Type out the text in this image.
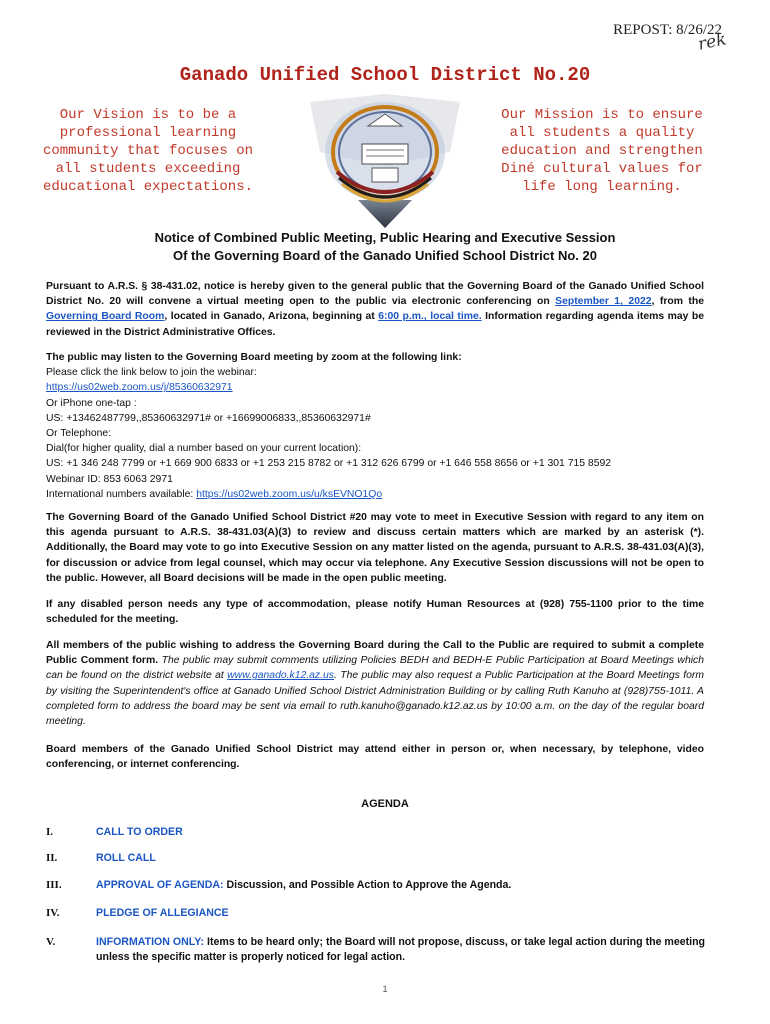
REPOST: 8/26/22
rek
Ganado Unified School District No.20
Our Vision is to be a professional learning community that focuses on all students exceeding educational expectations.
Our Mission is to ensure all students a quality education and strengthen Diné cultural values for life long learning.
Notice of Combined Public Meeting, Public Hearing and Executive Session
Of the Governing Board of the Ganado Unified School District No. 20
Pursuant to A.R.S. § 38-431.02, notice is hereby given to the general public that the Governing Board of the Ganado Unified School District No. 20 will convene a virtual meeting open to the public via electronic conferencing on September 1, 2022, from the Governing Board Room, located in Ganado, Arizona, beginning at 6:00 p.m., local time. Information regarding agenda items may be reviewed in the District Administrative Offices.
The public may listen to the Governing Board meeting by zoom at the following link:
Please click the link below to join the webinar:
https://us02web.zoom.us/j/85360632971
Or iPhone one-tap :
US: +13462487799,,85360632971# or +16699006833,,85360632971#
Or Telephone:
Dial(for higher quality, dial a number based on your current location):
US: +1 346 248 7799 or +1 669 900 6833 or +1 253 215 8782 or +1 312 626 6799 or +1 646 558 8656 or +1 301 715 8592
Webinar ID: 853 6063 2971
International numbers available: https://us02web.zoom.us/u/ksEVNO1Qo
The Governing Board of the Ganado Unified School District #20 may vote to meet in Executive Session with regard to any item on this agenda pursuant to A.R.S. 38-431.03(A)(3) to review and discuss certain matters which are marked by an asterisk (*). Additionally, the Board may vote to go into Executive Session on any matter listed on the agenda, pursuant to A.R.S. 38-431.03(A)(3), for discussion or advice from legal counsel, which may occur via telephone. Any Executive Session discussions will not be open to the public. However, all Board decisions will be made in the open public meeting.
If any disabled person needs any type of accommodation, please notify Human Resources at (928) 755-1100 prior to the time scheduled for the meeting.
All members of the public wishing to address the Governing Board during the Call to the Public are required to submit a complete Public Comment form. The public may submit comments utilizing Policies BEDH and BEDH-E Public Participation at Board Meetings which can be found on the district website at www.ganado.k12.az.us. The public may also request a Public Participation at the Board Meetings form by visiting the Superintendent's office at Ganado Unified School District Administration Building or by calling Ruth Kanuho at (928)755-1011. A completed form to address the board may be sent via email to ruth.kanuho@ganado.k12.az.us by 10:00 a.m. on the day of the regular board meeting.
Board members of the Ganado Unified School District may attend either in person or, when necessary, by telephone, video conferencing, or internet conferencing.
AGENDA
I.	CALL TO ORDER
II.	ROLL CALL
III.	APPROVAL OF AGENDA: Discussion, and Possible Action to Approve the Agenda.
IV.	PLEDGE OF ALLEGIANCE
V.	INFORMATION ONLY: Items to be heard only; the Board will not propose, discuss, or take legal action during the meeting unless the specific matter is properly noticed for legal action.
1
